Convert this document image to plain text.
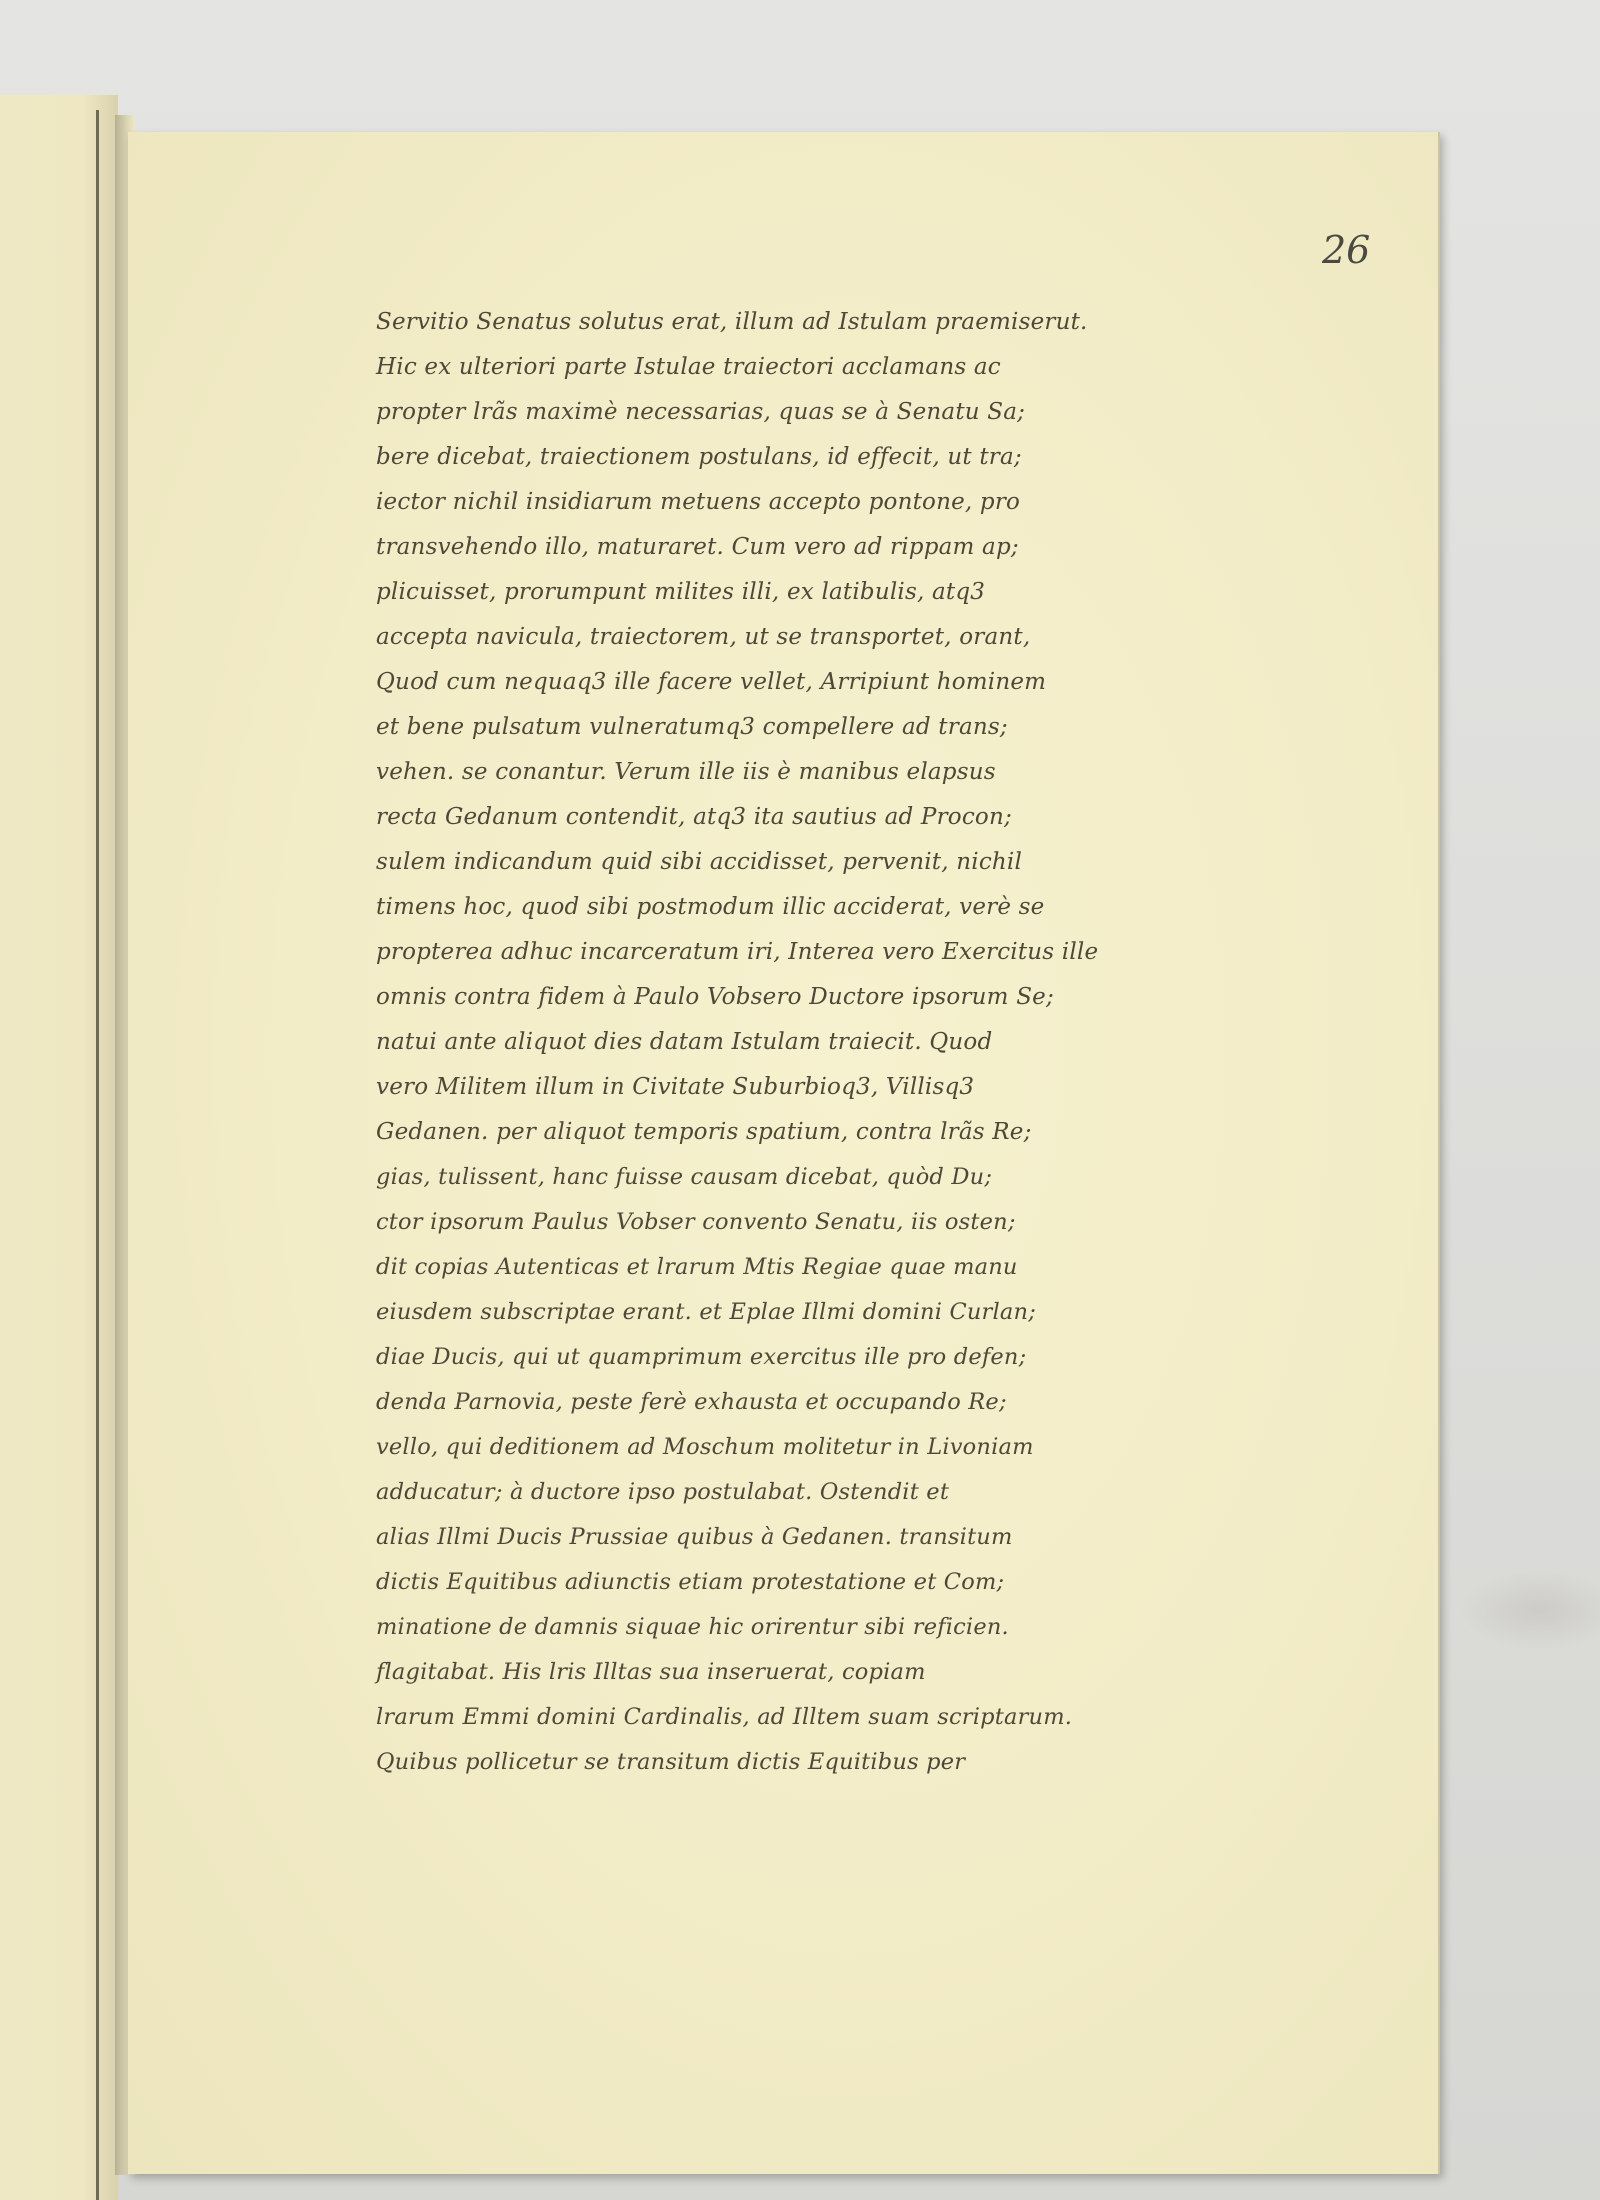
26
Servitio Senatus solutus erat, illum ad Istulam praemiserut.
Hic ex ulteriori parte Istulae traiectori acclamans ac
propter lrãs maximè necessarias, quas se à Senatu Sa;
bere dicebat, traiectionem postulans, id effecit, ut tra;
iector nichil insidiarum metuens accepto pontone, pro
transvehendo illo, maturaret. Cum vero ad rippam ap;
plicuisset, prorumpunt milites illi, ex latibulis, atq3
accepta navicula, traiectorem, ut se transportet, orant,
Quod cum nequaq3 ille facere vellet, Arripiunt hominem
et bene pulsatum vulneratumq3 compellere ad trans;
vehen. se conantur. Verum ille iis è manibus elapsus
recta Gedanum contendit, atq3 ita sautius ad Procon;
sulem indicandum quid sibi accidisset, pervenit, nichil
timens hoc, quod sibi postmodum illic acciderat, verè se
propterea adhuc incarceratum iri, Interea vero Exercitus ille
omnis contra fidem à Paulo Vobsero Ductore ipsorum Se;
natui ante aliquot dies datam Istulam traiecit. Quod
vero Militem illum in Civitate Suburbioq3, Villisq3
Gedanen. per aliquot temporis spatium, contra lrãs Re;
gias, tulissent, hanc fuisse causam dicebat, quòd Du;
ctor ipsorum Paulus Vobser convento Senatu, iis osten;
dit copias Autenticas et lrarum Mtis Regiae quae manu
eiusdem subscriptae erant. et Eplae Illmi domini Curlan;
diae Ducis, qui ut quamprimum exercitus ille pro defen;
denda Parnovia, peste ferè exhausta et occupando Re;
vello, qui deditionem ad Moschum molitetur in Livoniam
adducatur; à ductore ipso postulabat. Ostendit et
alias Illmi Ducis Prussiae quibus à Gedanen. transitum
dictis Equitibus adiunctis etiam protestatione et Com;
minatione de damnis siquae hic orirentur sibi reficien.
flagitabat. His lris Illtas sua inseruerat, copiam
lrarum Emmi domini Cardinalis, ad Illtem suam scriptarum.
Quibus pollicetur se transitum dictis Equitibus per
